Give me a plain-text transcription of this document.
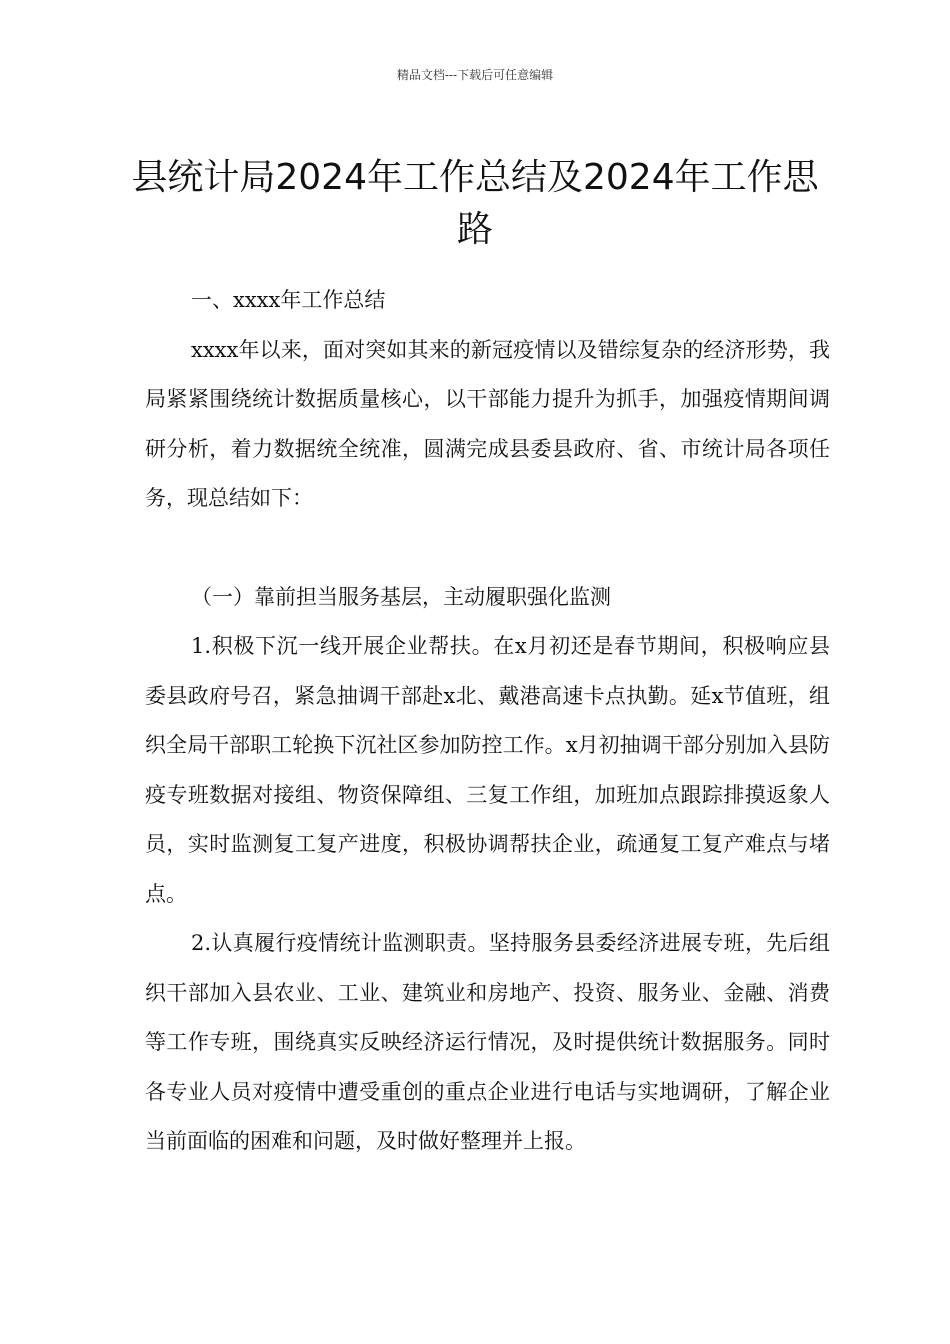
精品文档---下载后可任意编辑
县统计局2024年工作总结及2024年工作思路

一、xxxx年工作总结

xxxx年以来，面对突如其来的新冠疫情以及错综复杂的经济形势，我局紧紧围绕统计数据质量核心，以干部能力提升为抓手，加强疫情期间调研分析，着力数据统全统准，圆满完成县委县政府、省、市统计局各项任务，现总结如下：

（一）靠前担当服务基层，主动履职强化监测

1.积极下沉一线开展企业帮扶。在x月初还是春节期间，积极响应县委县政府号召，紧急抽调干部赴x北、戴港高速卡点执勤。延x节值班，组织全局干部职工轮换下沉社区参加防控工作。x月初抽调干部分别加入县防疫专班数据对接组、物资保障组、三复工作组，加班加点跟踪排摸返象人员，实时监测复工复产进度，积极协调帮扶企业，疏通复工复产难点与堵点。

2.认真履行疫情统计监测职责。坚持服务县委经济进展专班，先后组织干部加入县农业、工业、建筑业和房地产、投资、服务业、金融、消费等工作专班，围绕真实反映经济运行情况，及时提供统计数据服务。同时各专业人员对疫情中遭受重创的重点企业进行电话与实地调研，了解企业当前面临的困难和问题，及时做好整理并上报。
